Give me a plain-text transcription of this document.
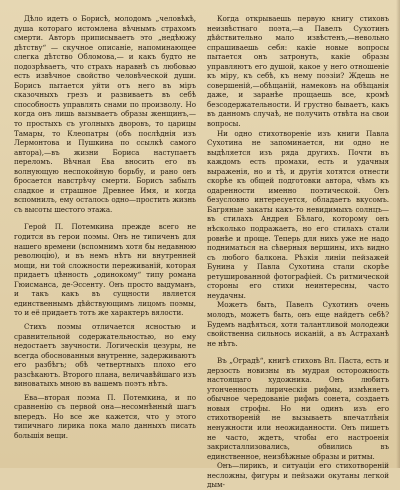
Дѣло идетъ о Борисѣ, молодомъ „человѣкѣ, душа котораго истомлена вѣчнымъ страхомъ смерти. Авторъ приписываетъ это „недѣюжу дѣтству“ — скучное описаніе, напоминающее слегка дѣтство Обломова,— и какъ будто не подозрѣваетъ, что страхъ наравнѣ съ любовью есть извѣчное свойство человѣческой души. Борисъ пытается уйти отъ него въ міръ сказочныхъ грезъ и развиваетъ въ себѣ способность управлять снами по произволу. Но когда онъ лишь вызываетъ образы женщинъ,—то простыхъ съ уголныхъ дворовъ, то царицы Тамары, то Клеопатры (объ послѣднія изъ Лермонтова и Пушкина по ссылкѣ самого автора),—въ жизни Бориса наступаетъ переломъ. Вѣчная Ева вносить его въ волнующую неспокойную борьбу, и рано онъ бросается навстрѣчу смерти. Борисъ забылъ сладкое и страшное Древнее Имя, и когда вспомнилъ, ему осталось одно—простить жизнь съ высоты шестого этажа.

Герой П. Потемкина прежде всего не годится въ герои поэмы. Онъ не типиченъ для нашего времени (вспомнимъ хотя бы недавнюю революцію), и въ немъ нѣтъ ни внутренней мощи, ни той сложности переживаній, которая придаетъ цѣнность „одинокому“ типу романа Гюисманса, де-Эссенту. Онъ просто выдуманъ, и такъ какъ въ сущности является единственнымъ дѣйствующимъ лицомъ поэмы, то и её придаетъ тотъ же характеръ вялости.

Стихъ поэмы отличается ясностью и сравнительной содержательностью, но ему недостаетъ звучности. Логическія цезуры, не всегда обоснованныя внутренне, задерживаютъ его разбѣгъ; обѣ четвертныхъ плохо его разсѣкаютъ. Второго плана, величавѣйшаго изъ виноватыхъ мною въ вашемъ поэтъ нѣтъ.

Ева—вторая поэма П. Потемкина, и по сравненію съ первой она—несомнѣнный шагъ впередъ. Но все же кажется, что у этого типичнаго лирика пока мало данныхъ писать большія вещи.

Когда открываешь первую книгу стиховъ неизвѣстнаго поэта,—а Павелъ Сухотинъ дѣйствительно мало извѣстенъ,—невольно спрашиваешь себя: какіе новые вопросы пытается онъ затронуть, какіе образы управляютъ его душой, какое у него отношеніе къ міру, къ себѣ, къ нему поэзіи? Ждешь не совершеній,—обѣщаній, намековъ на обѣщанія даже, и заранѣе прощаешь все, кромѣ безсодержательности. И грустно бываетъ, какъ въ данномъ случаѣ, не получить отвѣта на свои вопросы.

Ни одно стихотвореніе изъ книги Павла Сухотина не запоминается, ни одно не выдѣляется изъ ряда другихъ. Почти въ каждомъ есть промахи, есть и удачныя выраженія, но и тѣ, и другія хотятся отнести скорѣе къ общей подготовки автора, чѣмъ къ одаренности именно поэтической. Онъ безусловно интересуется, обладаетъ вкусомъ. Багряные закаты какъ-то невидимыхъ солнцъ—въ стилахъ Андрея Бѣлаго, которому онъ нѣсколько подражаетъ, но его стилахъ стали ровнѣе и проще. Теперь для нихъ уже не надо подниматься на сѣверныя вершины, ихъ видно съ любого балкона. Рѣзкія линіи пейзажей Бунина у Павла Сухотина стали скорѣе ретушированной фотографіей. Съ ритмической стороны его стихи неинтересны, часто неудачны.

Можетъ быть, Павелъ Сухотинъ очень молодъ, можетъ быть, онъ еще найдетъ себѣ? Будемъ надѣяться, хотя талантливой молодежи свойственна сильнось исканій, а въ Астраханѣ не нѣтъ.

Въ „Оградѣ“, книгѣ стиховъ Вл. Паста, есть и дерзость новизны въ мудрая осторожность настоящаго художника. Онъ любитъ утонченность лирическія рифмы, измѣняетъ обычное чередованіе рифмъ сонета, создаетъ новыя строфы. Но ни одинъ изъ его стихотвореній не вызываетъ впечатлѣнія ненужности или неожиданности. Онъ пишетъ не часто, ждетъ, чтобы его настроенія закристаллизовались, обвились въ единственное, неизбѣжные образы и ритмы.

Онъ—лирикъ, и ситуаціи его стихотвореній несложны, фигуры и пейзажи окутаны легкой дым-
